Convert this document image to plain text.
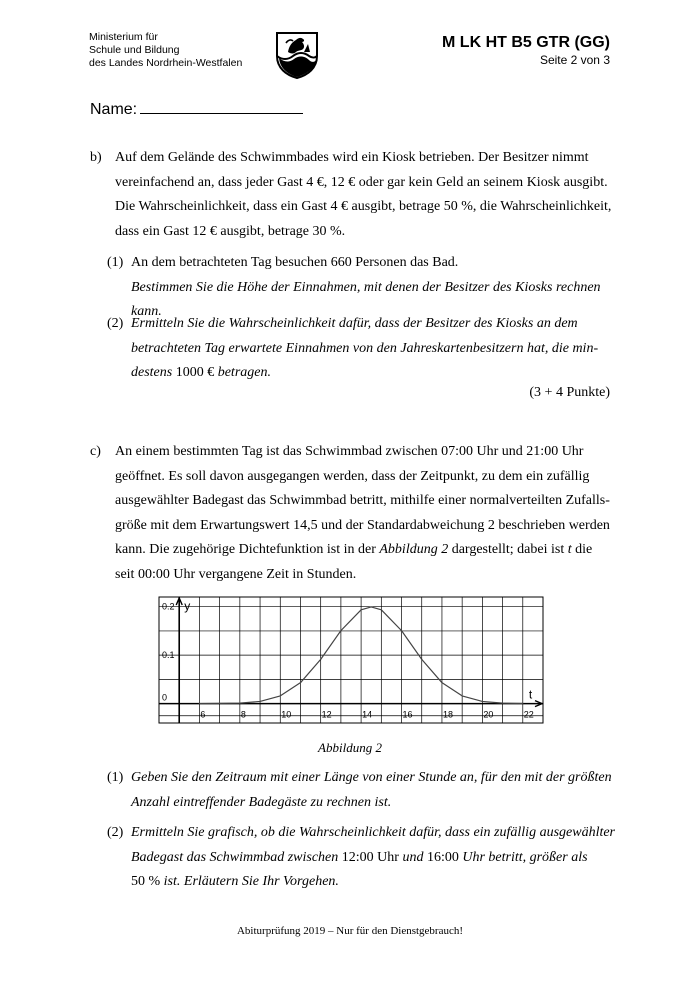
Ministerium für
Schule und Bildung
des Landes Nordrhein-Westfalen
M LK HT B5 GTR (GG)
Seite 2 von 3
Name:
b) Auf dem Gelände des Schwimmbades wird ein Kiosk betrieben. Der Besitzer nimmt
vereinfachend an, dass jeder Gast 4 €, 12 € oder gar kein Geld an seinem Kiosk ausgibt.
Die Wahrscheinlichkeit, dass ein Gast 4 € ausgibt, betrage 50 %, die Wahrscheinlichkeit,
dass ein Gast 12 € ausgibt, betrage 30 %.
(1) An dem betrachteten Tag besuchen 660 Personen das Bad.
Bestimmen Sie die Höhe der Einnahmen, mit denen der Besitzer des Kiosks rechnen kann.
(2) Ermitteln Sie die Wahrscheinlichkeit dafür, dass der Besitzer des Kiosks an dem
betrachteten Tag erwartete Einnahmen von den Jahreskartenbesitzern hat, die min-
destens 1000 € betragen.
(3 + 4 Punkte)
c)	An einem bestimmten Tag ist das Schwimmbad zwischen 07:00 Uhr und 21:00 Uhr
geöffnet. Es soll davon ausgegangen werden, dass der Zeitpunkt, zu dem ein zufällig
ausgewählter Badegast das Schwimmbad betritt, mithilfe einer normalverteilten Zufalls-
größe mit dem Erwartungswert 14,5 und der Standardabweichung 2 beschrieben werden
kann. Die zugehörige Dichtefunktion ist in der Abbildung 2 dargestellt; dabei ist t die
seit 00:00 Uhr vergangene Zeit in Stunden.
y
t
6	8	10	12	14	16	18	20	22
0
0.1
0.2
Abbildung 2
(1) Geben Sie den Zeitraum mit einer Länge von einer Stunde an, für den mit der größten
Anzahl eintreffender Badegäste zu rechnen ist.
(2) Ermitteln Sie grafisch, ob die Wahrscheinlichkeit dafür, dass ein zufällig ausgewählter
Badegast das Schwimmbad zwischen 12:00 Uhr und 16:00 Uhr betritt, größer als
50 % ist. Erläutern Sie Ihr Vorgehen.
Abiturprüfung 2019 – Nur für den Dienstgebrauch!
